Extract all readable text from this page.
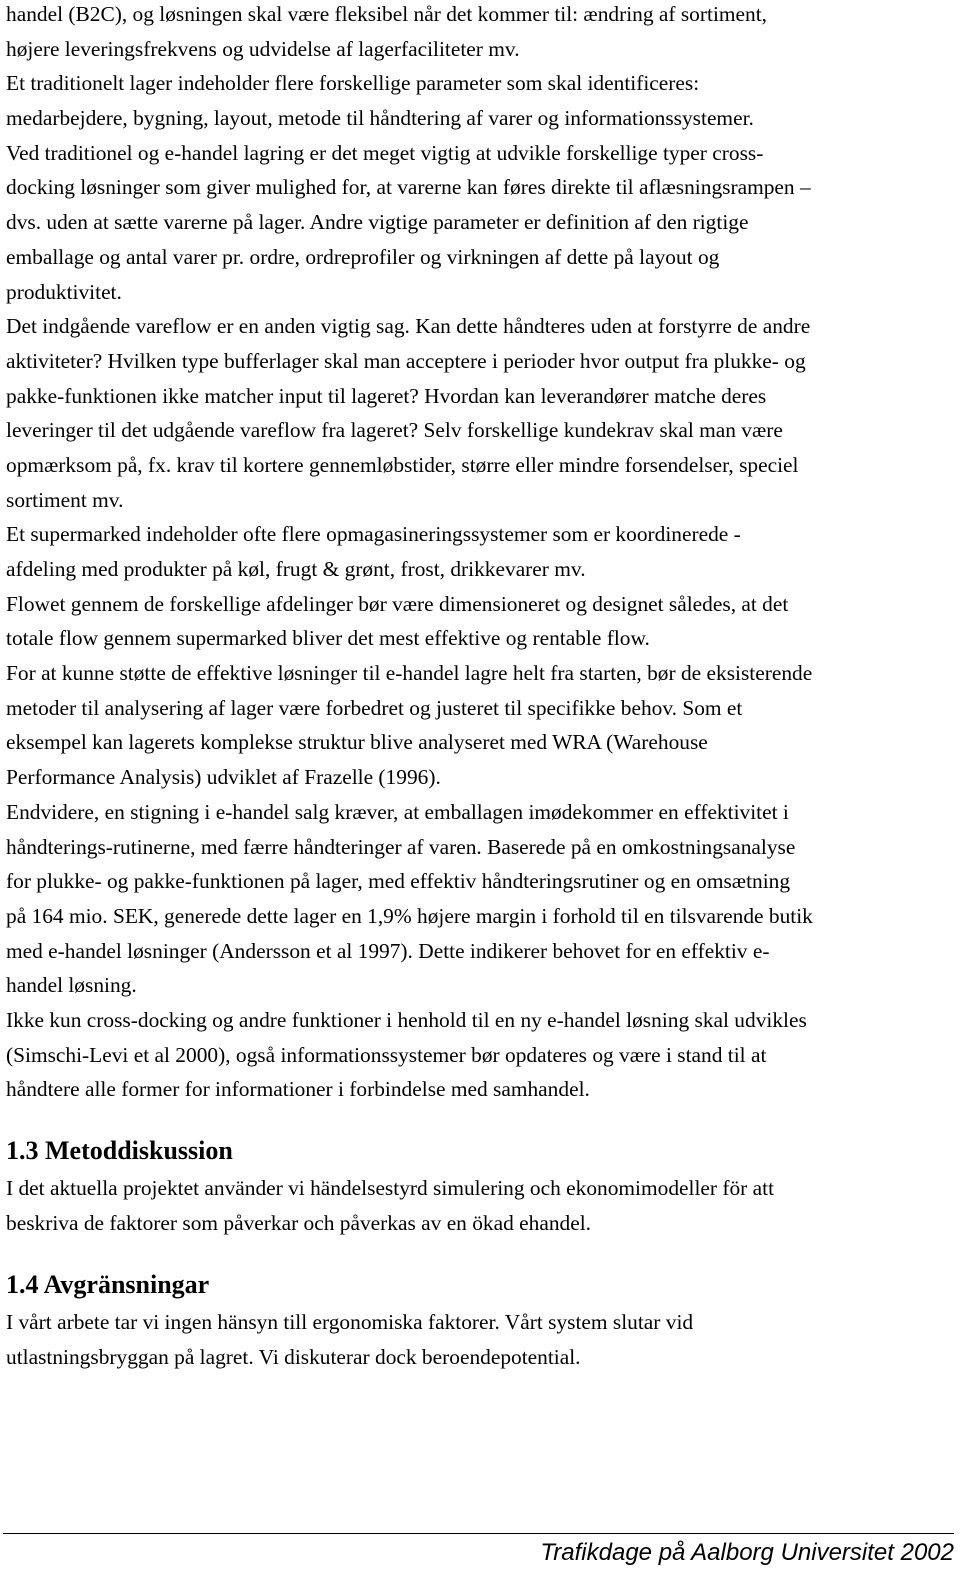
handel (B2C), og løsningen skal være fleksibel når det kommer til: ændring af sortiment,
højere leveringsfrekvens og udvidelse af lagerfaciliteter mv.
Et traditionelt lager indeholder flere forskellige parameter som skal identificeres:
medarbejdere, bygning, layout, metode til håndtering af varer og informationssystemer.
Ved traditionel og e-handel lagring er det meget vigtig at udvikle forskellige typer cross-
docking løsninger som giver mulighed for, at varerne kan føres direkte til aflæsningsrampen –
dvs. uden at sætte varerne på lager. Andre vigtige parameter er definition af den rigtige
emballage og antal varer pr. ordre, ordreprofiler og virkningen af dette på layout og
produktivitet.
Det indgående vareflow er en anden vigtig sag. Kan dette håndteres uden at forstyrre de andre
aktiviteter? Hvilken type bufferlager skal man acceptere i perioder hvor output fra plukke- og
pakke-funktionen ikke matcher input til lageret? Hvordan kan leverandører matche deres
leveringer til det udgående vareflow fra lageret? Selv forskellige kundekrav skal man være
opmærksom på, fx. krav til kortere gennemløbstider, større eller mindre forsendelser, speciel
sortiment mv.
Et supermarked indeholder ofte flere opmagasineringssystemer som er koordinerede -
afdeling med produkter på køl, frugt & grønt, frost, drikkevarer mv.
Flowet gennem de forskellige afdelinger bør være dimensioneret og designet således, at det
totale flow gennem supermarked bliver det mest effektive og rentable flow.
For at kunne støtte de effektive løsninger til e-handel lagre helt fra starten, bør de eksisterende
metoder til analysering af lager være forbedret og justeret til specifikke behov. Som et
eksempel kan lagerets komplekse struktur blive analyseret med WRA (Warehouse
Performance Analysis) udviklet af Frazelle (1996).
Endvidere, en stigning i e-handel salg kræver, at emballagen imødekommer en effektivitet i
håndterings-rutinerne, med færre håndteringer af varen. Baserede på en omkostningsanalyse
for plukke- og pakke-funktionen på lager, med effektiv håndteringsrutiner og en omsætning
på 164 mio. SEK, generede dette lager en 1,9% højere margin i forhold til en tilsvarende butik
med e-handel løsninger (Andersson et al 1997). Dette indikerer behovet for en effektiv e-
handel løsning.
Ikke kun cross-docking og andre funktioner i henhold til en ny e-handel løsning skal udvikles
(Simschi-Levi et al 2000), også informationssystemer bør opdateres og være i stand til at
håndtere alle former for informationer i forbindelse med samhandel.
1.3 Metoddiskussion
I det aktuella projektet använder vi händelsestyrd simulering och ekonomimodeller för att
beskriva de faktorer som påverkar och påverkas av en ökad ehandel.
1.4 Avgränsningar
I vårt arbete tar vi ingen hänsyn till ergonomiska faktorer. Vårt system slutar vid
utlastningsbryggan på lagret. Vi diskuterar dock beroendepotential.
Trafikdage på Aalborg Universitet 2002
